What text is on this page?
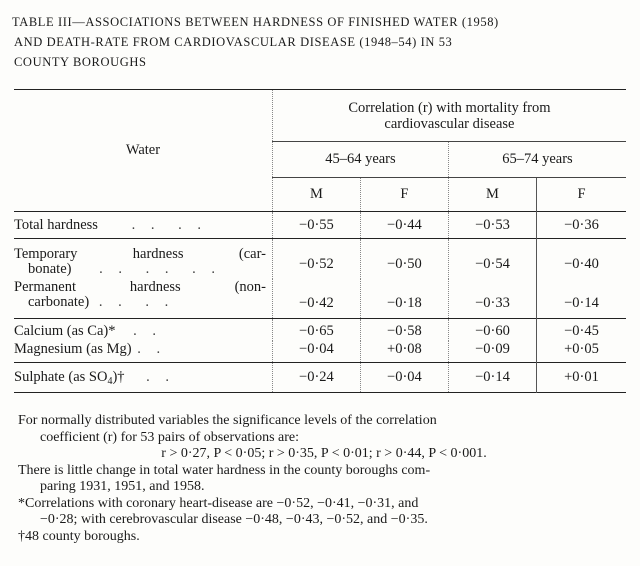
TABLE III—ASSOCIATIONS BETWEEN HARDNESS OF FINISHED WATER (1958)
AND DEATH-RATE FROM CARDIOVASCULAR DISEASE (1948–54) IN 53
COUNTY BOROUGHS
Water	Correlation (r) with mortality from
cardiovascular disease			

	45–64 years		65–74 years	
	M	F	M	F
Total hardness . . . .	−0·55	−0·44	−0·53	−0·36

Temporary hardness (car-
bonate) . . . . . .	−0·52	−0·50	−0·54	−0·40

Permanent hardness (non-
carbonate) . . . .	−0·42	−0·18	−0·33	−0·14
Calcium (as Ca)* . .	−0·65	−0·58	−0·60	−0·45
Magnesium (as Mg) . .	−0·04	+0·08	−0·09	+0·05
Sulphate (as $SO_4)\dagger$ . .	−0·24	−0·04	−0·14	+0·01

For normally distributed variables the significance levels of the correlation

coefficient (r) for 53 pairs of observations are:

r > 0·27, P < 0·05; r > 0·35, P < 0·01; r > 0·44, P < 0·001.

There is little change in total water hardness in the county boroughs com-

paring 1931, 1951, and 1958.

*Correlations with coronary heart-disease are −0·52, −0·41, −0·31, and

−0·28; with cerebrovascular disease −0·48, −0·43, −0·52, and −0·35.

†48 county boroughs.
